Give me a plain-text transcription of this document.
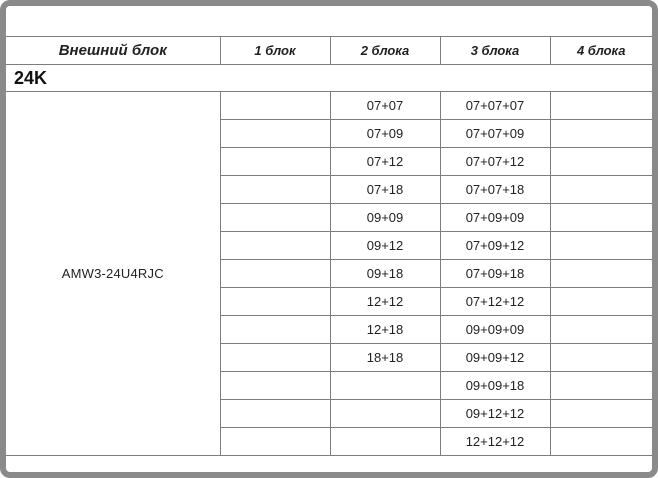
Внешний блок	1 блок	2 блока	3 блока	4 блока
24K				
AMW3-24U4RJC		07+07	07+07+07	
		07+09	07+07+09	
		07+12	07+07+12	
		07+18	07+07+18	
		09+09	07+09+09	
		09+12	07+09+12	
		09+18	07+09+18	
		12+12	07+12+12	
		12+18	09+09+09	
		18+18	09+09+12	
			09+09+18	
			09+12+12	
			12+12+12	
